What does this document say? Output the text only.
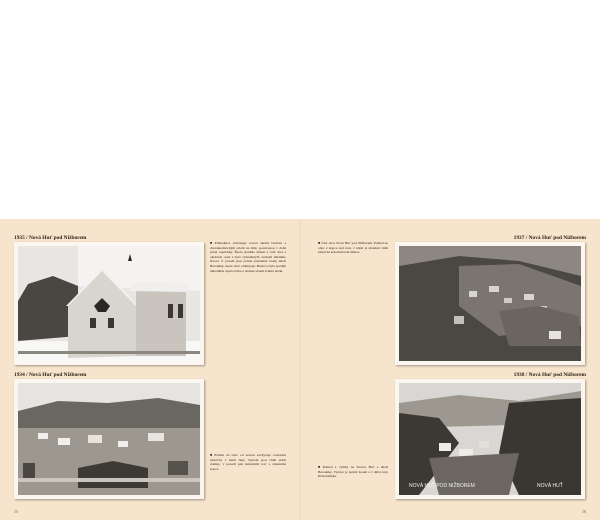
1935 / Nová Huť pod Nižborem
1934 / Nová Huť pod Nižborem
■Pohlednice zobrazuje novou školní budovu s charakteristickým orlem na štítě, postavenou v době první republiky. Škola sloužila dětem z celé obce i okolních osad a byla významným centrem místního života. V pozadí jsou patrné zalesněné svahy údolí Berounky, které obec obklopují. Budova byla později několikrát upravována a dodnes slouží svému účelu.
■Pohled na obec od severu zachycuje rozložení zástavby v údolí řeky. Vpředu jsou vidět starší domky, v pozadí pak železniční trať a zalesněné kopce.
15
1937 / Nová Huť pod Nižborem
■Část obce Nová Huť pod Nižborem. Pohled na obec z kopce nad tratí, v údolí je zřetelně vidět zástavba kolem hlavní silnice.
1938 / Nová Huť pod Nižborem
■Pohled z výšiny na Novou Huť a údolí Berounky. Vpravo je patrný kostel a v dálce lesy Křivoklátska.
NOVÁ HUŤ POD NIŽBOREM	NOVÁ HUŤ
16
